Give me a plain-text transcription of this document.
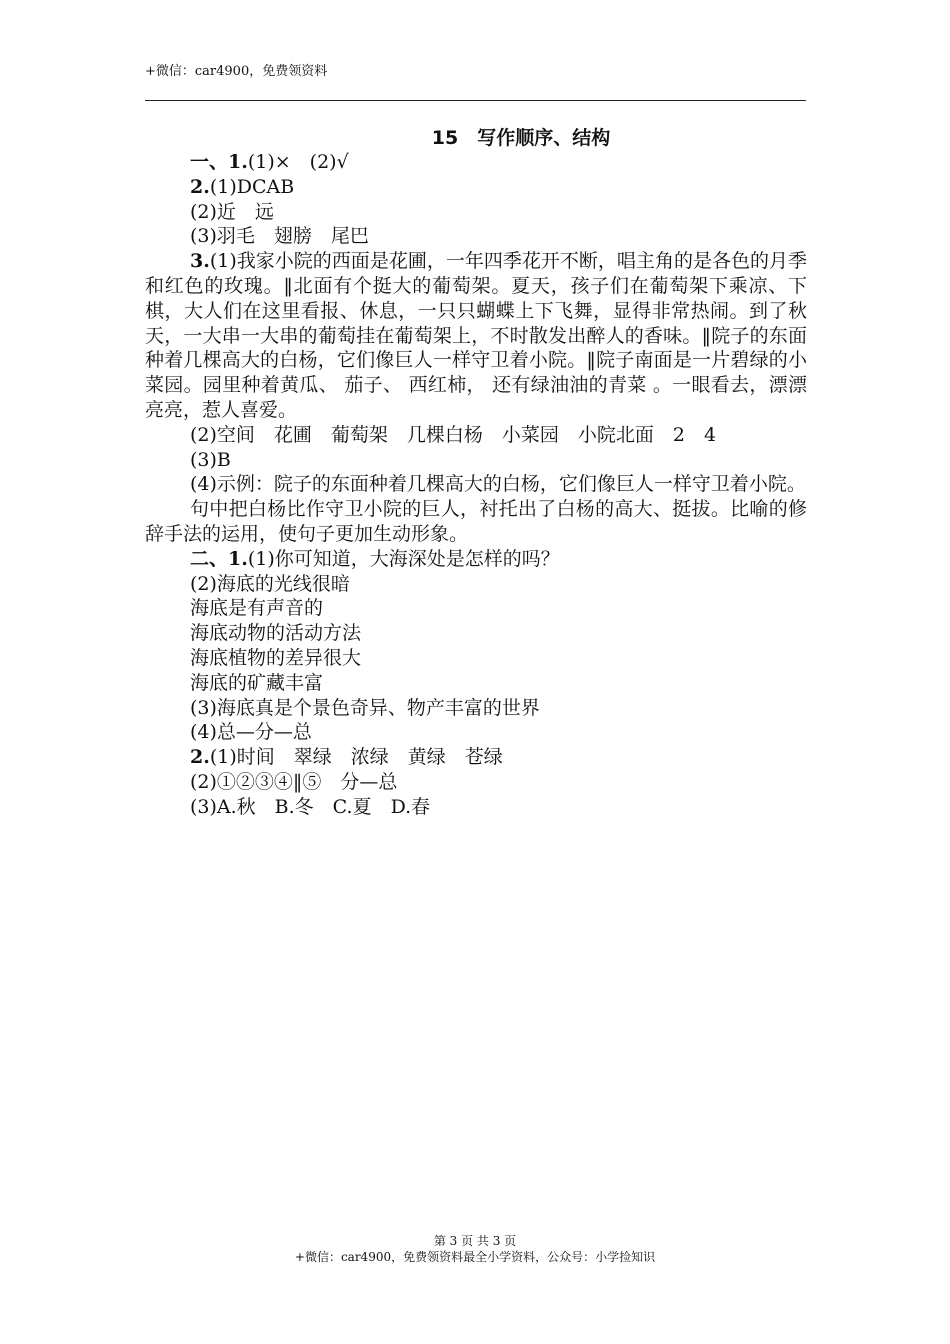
+微信：car4900，免费领资料
15　写作顺序、结构

一、1.(1)×　(2)√

2.(1)DCAB

(2)近　远

(3)羽毛　翅膀　尾巴

3.(1)我家小院的西面是花圃，一年四季花开不断，唱主角的是各色的月季和红色的玫瑰。‖北面有个挺大的葡萄架。夏天，孩子们在葡萄架下乘凉、下棋，大人们在这里看报、休息，一只只蝴蝶上下飞舞，显得非常热闹。到了秋天，一大串一大串的葡萄挂在葡萄架上，不时散发出醉人的香味。‖院子的东面种着几棵高大的白杨，它们像巨人一样守卫着小院。‖院子南面是一片碧绿的小菜园。园里种着黄瓜、 茄子、 西红柿， 还有绿油油的青菜 。一眼看去，漂漂亮亮，惹人喜爱。

(2)空间　花圃　葡萄架　几棵白杨　小菜园　小院北面　2　4

(3)B

(4)示例：院子的东面种着几棵高大的白杨，它们像巨人一样守卫着小院。

句中把白杨比作守卫小院的巨人，衬托出了白杨的高大、挺拔。比喻的修辞手法的运用，使句子更加生动形象。

二、1.(1)你可知道，大海深处是怎样的吗？

(2)海底的光线很暗

海底是有声音的

海底动物的活动方法

海底植物的差异很大

海底的矿藏丰富

(3)海底真是个景色奇异、物产丰富的世界

(4)总—分—总

2.(1)时间　翠绿　浓绿　黄绿　苍绿

(2)①②③④‖⑤　分—总

(3)A.秋　B.冬　C.夏　D.春

第 3 页 共 3 页
+微信：car4900，免费领资料最全小学资料，公众号：小学捡知识
